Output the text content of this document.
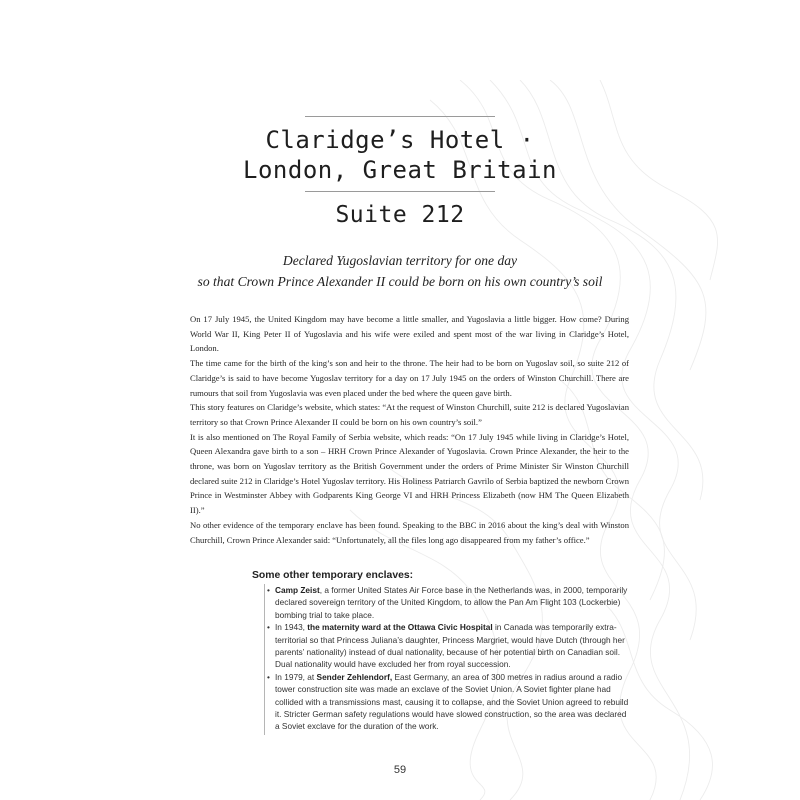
Claridge’s Hotel ·
London, Great Britain
Suite 212
Declared Yugoslavian territory for one day
so that Crown Prince Alexander II could be born on his own country’s soil

On 17 July 1945, the United Kingdom may have become a little smaller, and Yugoslavia a little bigger. How come? During World War II, King Peter II of Yugoslavia and his wife were exiled and spent most of the war living in Claridge’s Hotel, London.

The time came for the birth of the king’s son and heir to the throne. The heir had to be born on Yugoslav soil, so suite 212 of Claridge’s is said to have become Yugoslav territory for a day on 17 July 1945 on the orders of Winston Churchill. There are rumours that soil from Yugoslavia was even placed under the bed where the queen gave birth.

This story features on Claridge’s website, which states: “At the request of Winston Churchill, suite 212 is declared Yugoslavian territory so that Crown Prince Alexander II could be born on his own country’s soil.”

It is also mentioned on The Royal Family of Serbia website, which reads: “On 17 July 1945 while living in Claridge’s Hotel, Queen Alexandra gave birth to a son – HRH Crown Prince Alexander of Yugoslavia. Crown Prince Alexander, the heir to the throne, was born on Yugoslav territory as the British Government under the orders of Prime Minister Sir Winston Churchill declared suite 212 in Claridge’s Hotel Yugoslav territory. His Holiness Patriarch Gavrilo of Serbia baptized the newborn Crown Prince in Westminster Abbey with Godparents King George VI and HRH Princess Elizabeth (now HM The Queen Elizabeth II).”

No other evidence of the temporary enclave has been found. Speaking to the BBC in 2016 about the king’s deal with Winston Churchill, Crown Prince Alexander said: “Unfortunately, all the files long ago disappeared from my father’s office.”

Some other temporary enclaves:
• Camp Zeist, a former United States Air Force base in the Netherlands was, in 2000, temporarily declared sovereign territory of the United Kingdom, to allow the Pan Am Flight 103 (Lockerbie) bombing trial to take place.
• In 1943, the maternity ward at the Ottawa Civic Hospital in Canada was temporarily extra-territorial so that Princess Juliana’s daughter, Princess Margriet, would have Dutch (through her parents’ nationality) instead of dual nationality, because of her potential birth on Canadian soil. Dual nationality would have excluded her from royal succession.
• In 1979, at Sender Zehlendorf, East Germany, an area of 300 metres in radius around a radio tower construction site was made an exclave of the Soviet Union. A Soviet fighter plane had collided with a transmissions mast, causing it to collapse, and the Soviet Union agreed to rebuild it. Stricter German safety regulations would have slowed construction, so the area was declared a Soviet exclave for the duration of the work.
59
